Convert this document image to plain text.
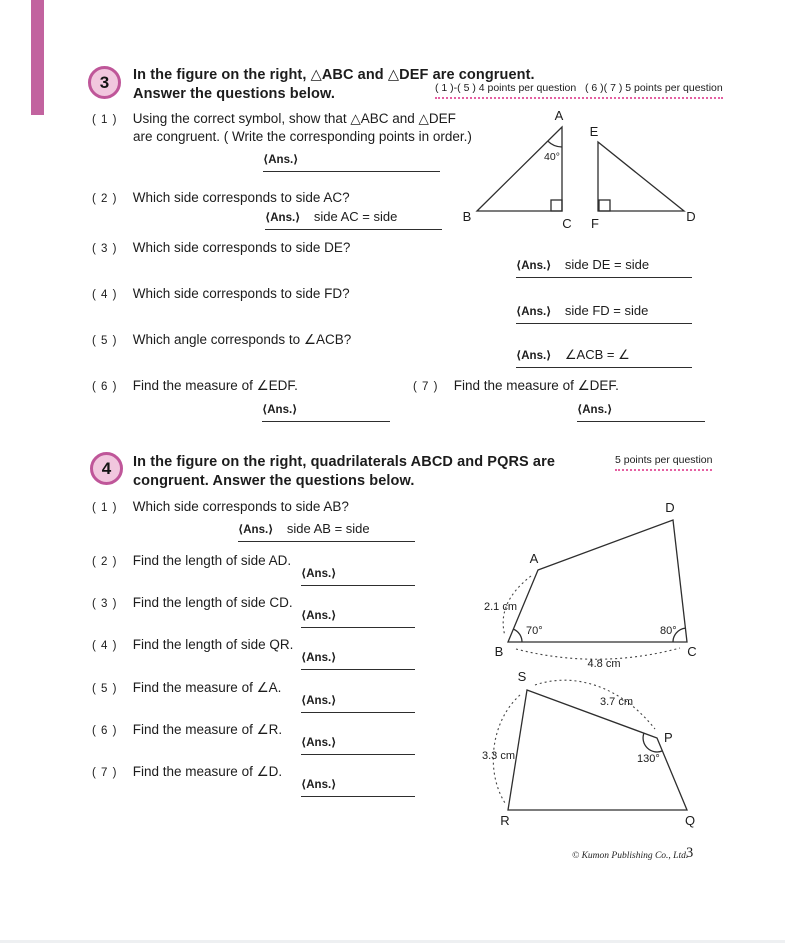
3 In the figure on the right, △ABC and △DEF are congruent.
Answer the questions below.	( 1 )-( 5 ) 4 points per question   ( 6 )( 7 ) 5 points per question
( 1 ) Using the correct symbol, show that △ABC and △DEF
are congruent. ( Write the corresponding points in order.)
⟨Ans.⟩
( 2 ) Which side corresponds to side AC?
⟨Ans.⟩ side AC = side
( 3 ) Which side corresponds to side DE?
⟨Ans.⟩ side DE = side
( 4 ) Which side corresponds to side FD?
⟨Ans.⟩ side FD = side
( 5 ) Which angle corresponds to ∠ACB?
⟨Ans.⟩ ∠ACB = ∠
( 6 ) Find the measure of ∠EDF.	( 7 ) Find the measure of ∠DEF.
⟨Ans.⟩	⟨Ans.⟩
A
E
B	C F	D
40°
4 In the figure on the right, quadrilaterals ABCD and PQRS are
congruent. Answer the questions below.
5 points per question
( 1 ) Which side corresponds to side AB?
⟨Ans.⟩ side AB = side
( 2 ) Find the length of side AD.
⟨Ans.⟩
( 3 ) Find the length of side CD.
⟨Ans.⟩
( 4 ) Find the length of side QR.
⟨Ans.⟩
( 5 ) Find the measure of ∠A.
⟨Ans.⟩
( 6 ) Find the measure of ∠R.
⟨Ans.⟩
( 7 ) Find the measure of ∠D.
⟨Ans.⟩
A
D
B	C
2.1 cm
70°	80°
4.8 cm
S
P
Q
R
3.7 cm
3.3 cm	130°
© Kumon Publishing Co., Ltd.
3
